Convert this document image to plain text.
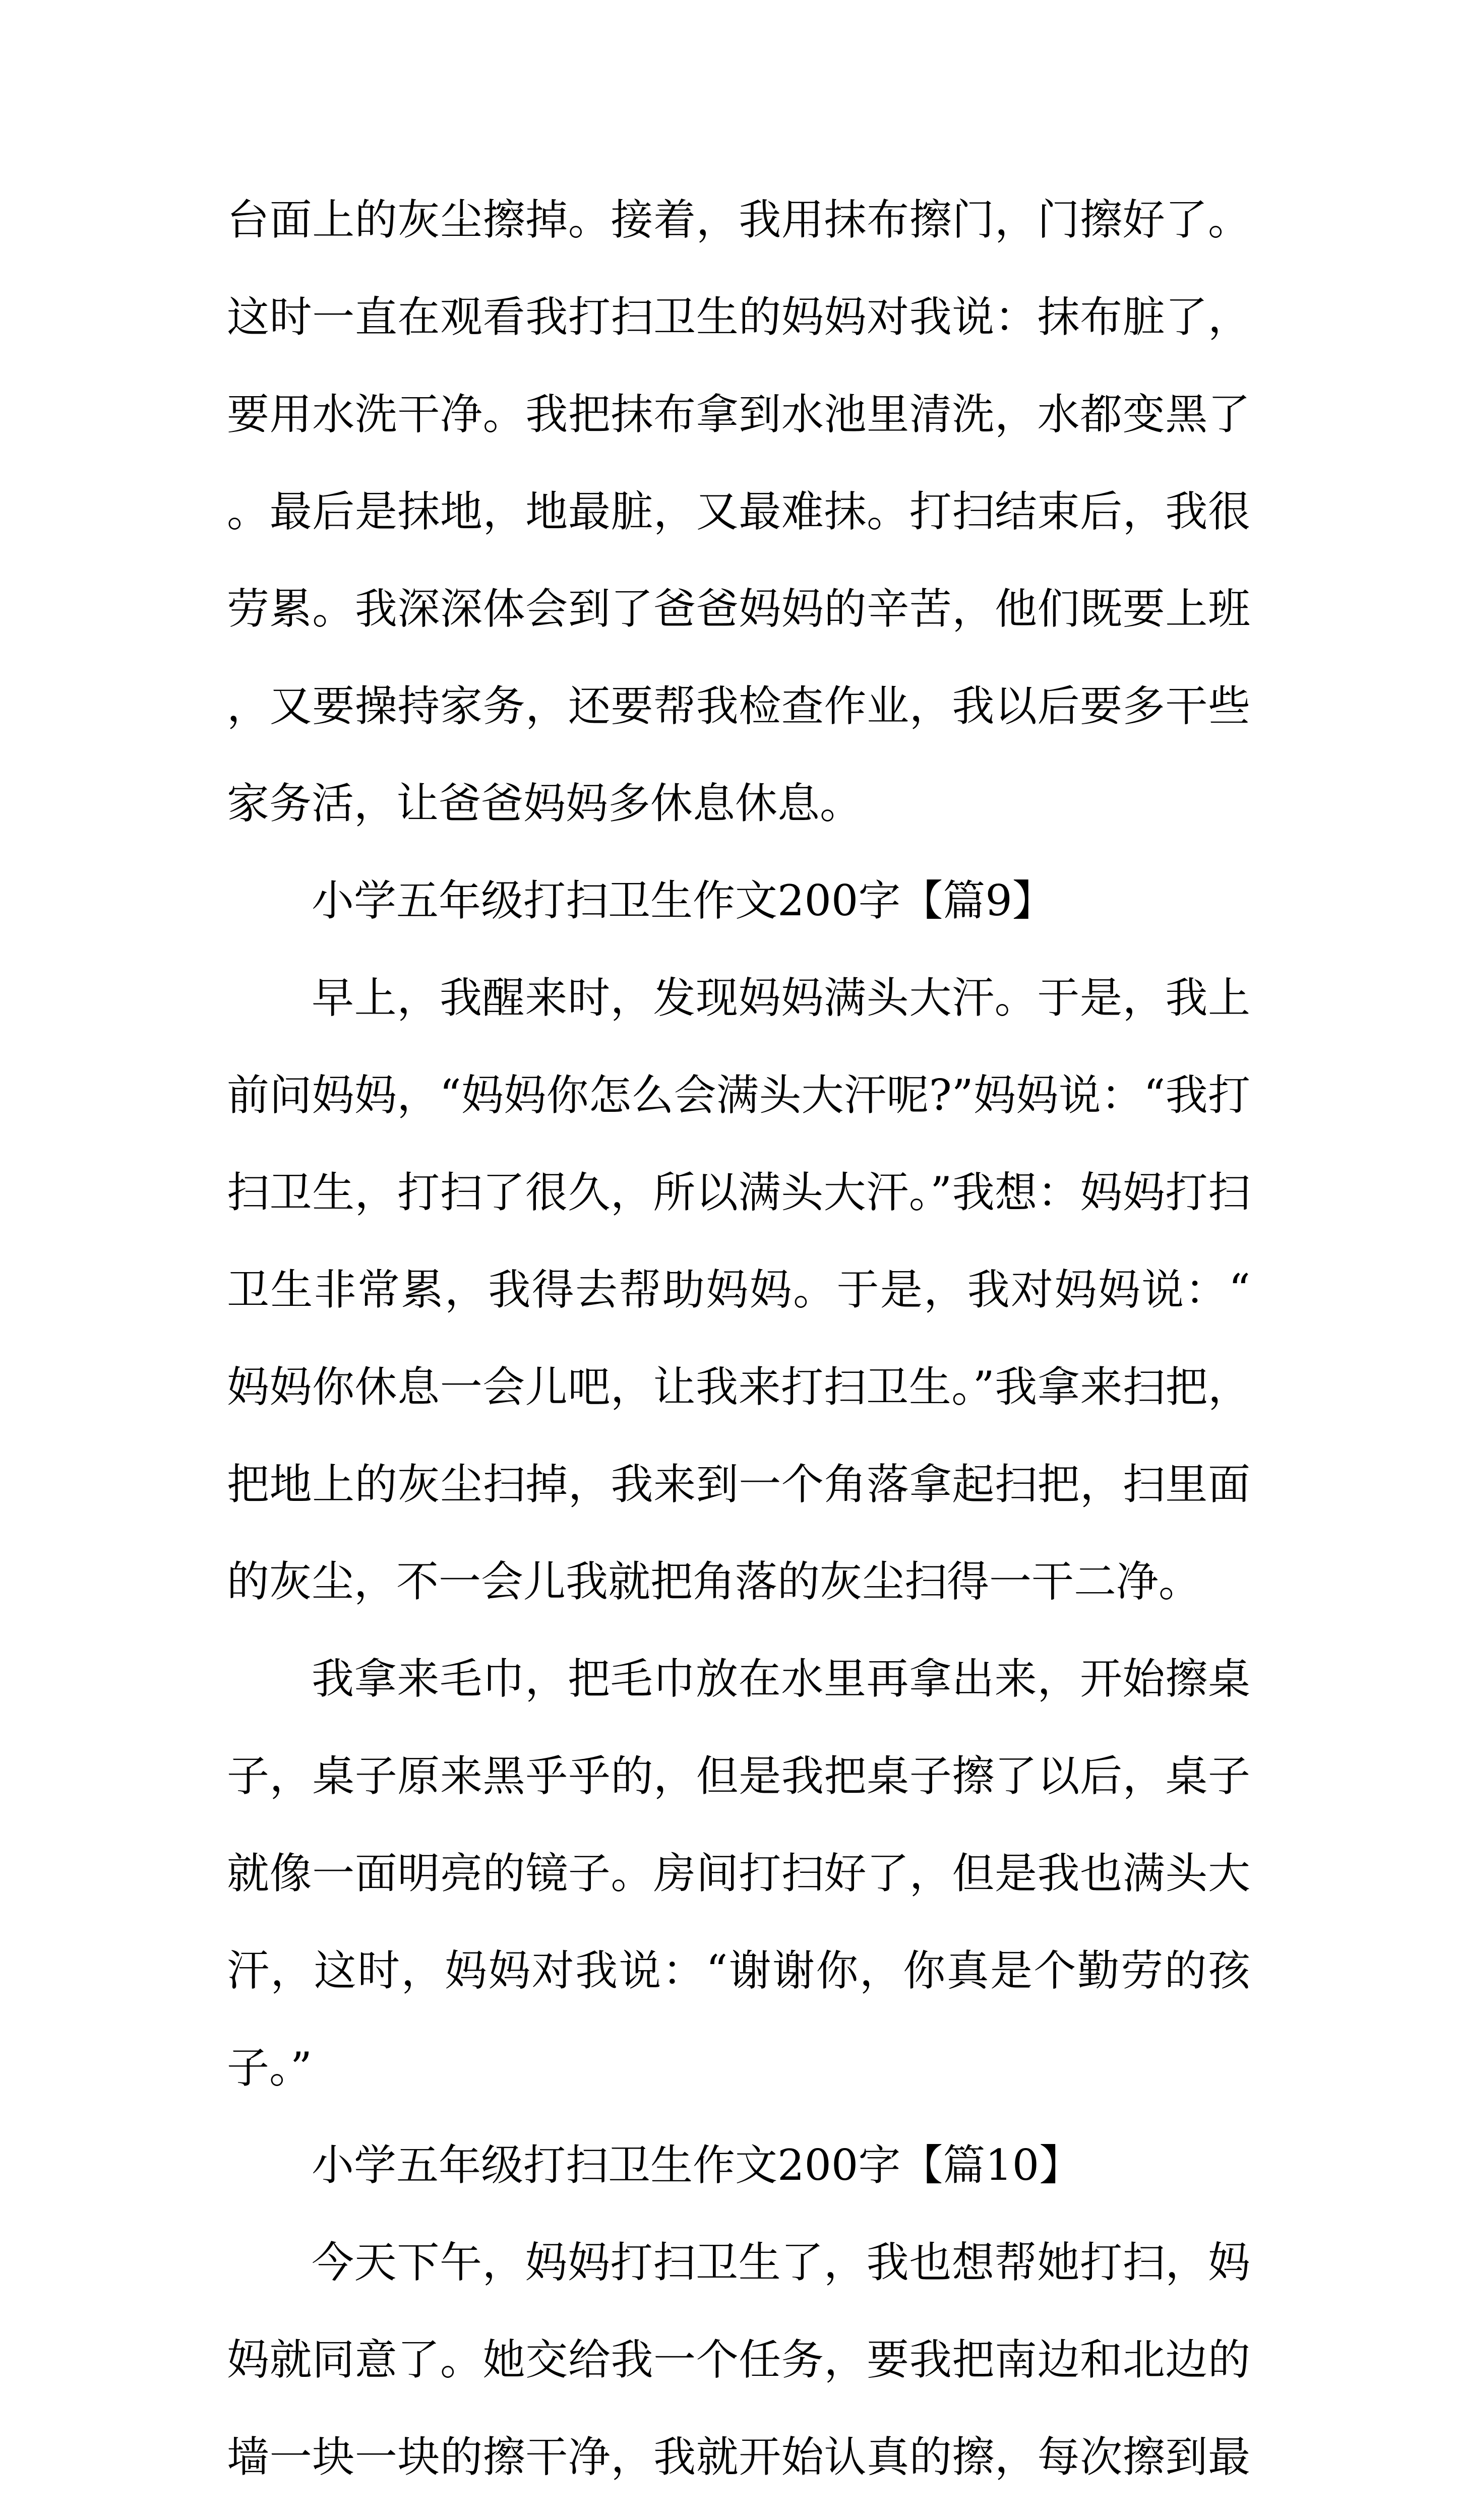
台面上的灰尘擦掉。接着，我用抹布擦门，门擦好了。这时一直在观看我打扫卫生的妈妈对我说：抹布脏了，要用水洗干净。我把抹布拿到水池里清洗，水都变黑了。最后是抹地，地最脏，又最难抹。打扫结束后，我很劳累。我深深体会到了爸爸妈妈的辛苦，他们既要上班，又要操持家务，还要帮我检查作业，我以后要多干些家务活，让爸爸妈妈多休息休息。

小学五年级打扫卫生作文200字【篇9】

早上，我醒来时，发现妈妈满头大汗。于是，我上前问妈妈，“妈妈你怎么会满头大汗呢?”妈妈说：“我打扫卫生，打扫了很久，所以满头大汗。”我想：妈妈打扫卫生非常累，我得去帮助妈妈。于是，我对妈妈说：“妈妈你休息一会儿吧，让我来打扫卫生。”我拿来扫把，把地上的灰尘扫掉，我来到一个角落拿起扫把，扫里面的灰尘，不一会儿我就把角落的灰尘扫得一干二净。

我拿来毛巾，把毛巾放在水里再拿出来，开始擦桌子，桌子原来黑乎乎的，但是我把桌子擦了以后，桌子就像一面明亮的镜子。房间打扫好了，但是我也满头大汗，这时，妈妈对我说：“谢谢你，你真是个勤劳的孩子。”

小学五年级打扫卫生作文200字【篇10】

今天下午，妈妈打扫卫生了，我也想帮她打扫，妈妈就同意了。她交给我一个任务，要我把南边和北边的墙一块一块的擦干净，我就开始认真的擦，每次擦到最
